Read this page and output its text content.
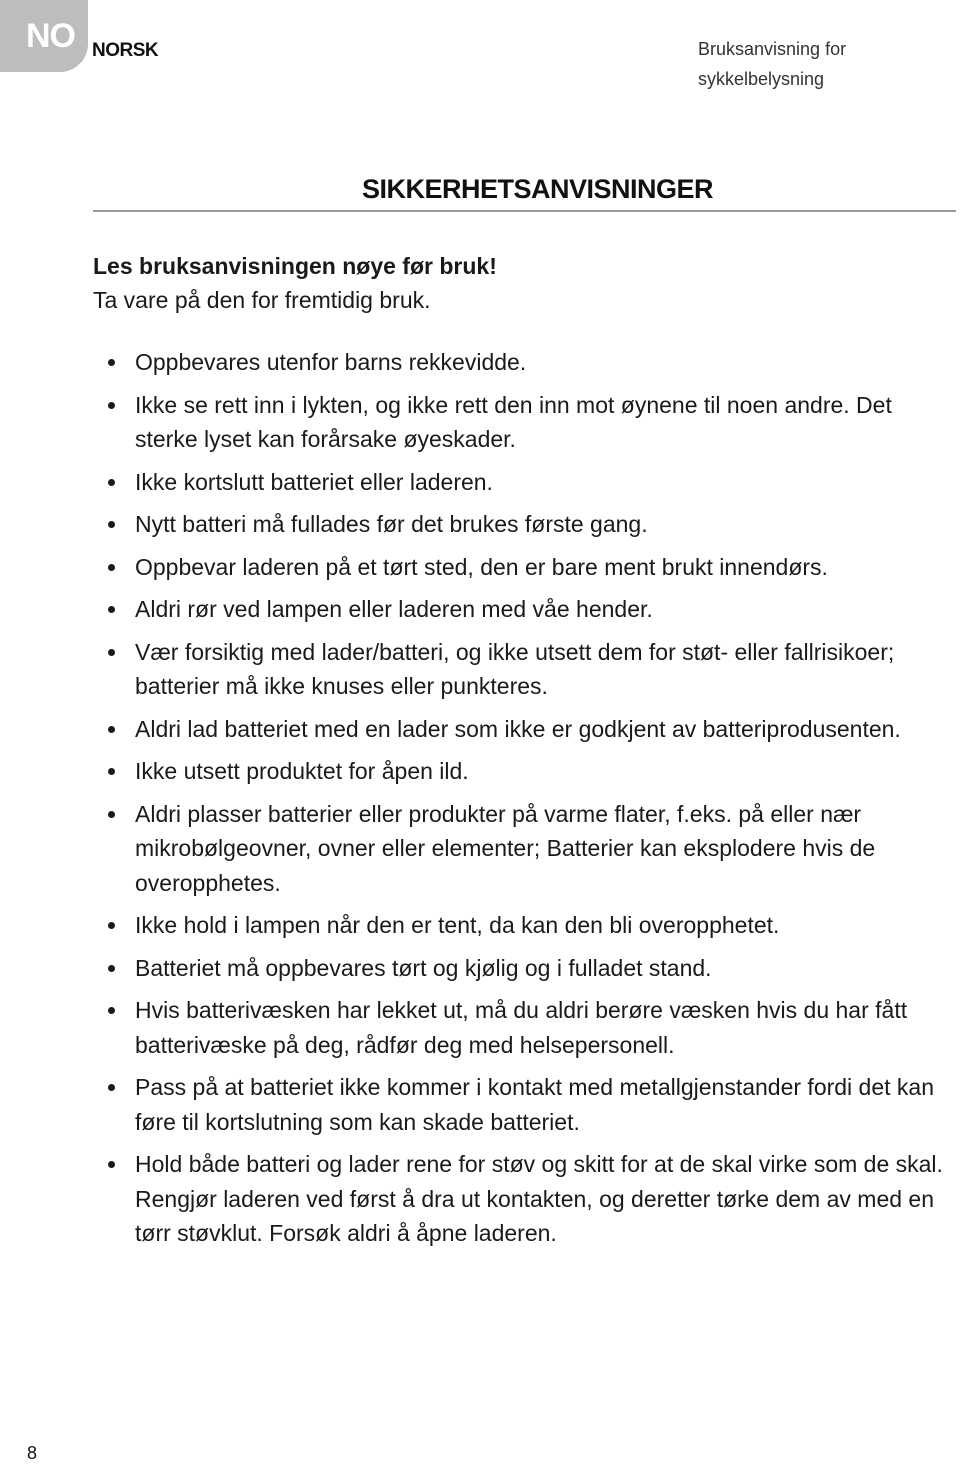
NO NORSK	Bruksanvisning for sykkelbelysning
SIKKERHETSANVISNINGER
Les bruksanvisningen nøye før bruk!
Ta vare på den for fremtidig bruk.
Oppbevares utenfor barns rekkevidde.
Ikke se rett inn i lykten, og ikke rett den inn mot øynene til noen andre. Det sterke lyset kan forårsake øyeskader.
Ikke kortslutt batteriet eller laderen.
Nytt batteri må fullades før det brukes første gang.
Oppbevar laderen på et tørt sted, den er bare ment brukt innendørs.
Aldri rør ved lampen eller laderen med våe hender.
Vær forsiktig med lader/batteri, og ikke utsett dem for støt- eller fallrisikoer; batterier må ikke knuses eller punkteres.
Aldri lad batteriet med en lader som ikke er godkjent av batteriprodusenten.
Ikke utsett produktet for åpen ild.
Aldri plasser batterier eller produkter på varme flater, f.eks. på eller nær mikrobølgeovner, ovner eller elementer; Batterier kan eksplodere hvis de overopphetes.
Ikke hold i lampen når den er tent, da kan den bli overopphetet.
Batteriet må oppbevares tørt og kjølig og i fulladet stand.
Hvis batterivæsken har lekket ut, må du aldri berøre væsken hvis du har fått batterivæske på deg, rådfør deg med helsepersonell.
Pass på at batteriet ikke kommer i kontakt med metallgjenstander fordi det kan føre til kortslutning som kan skade batteriet.
Hold både batteri og lader rene for støv og skitt for at de skal virke som de skal. Rengjør laderen ved først å dra ut kontakten, og deretter tørke dem av med en tørr støvklut. Forsøk aldri å åpne laderen.
8
